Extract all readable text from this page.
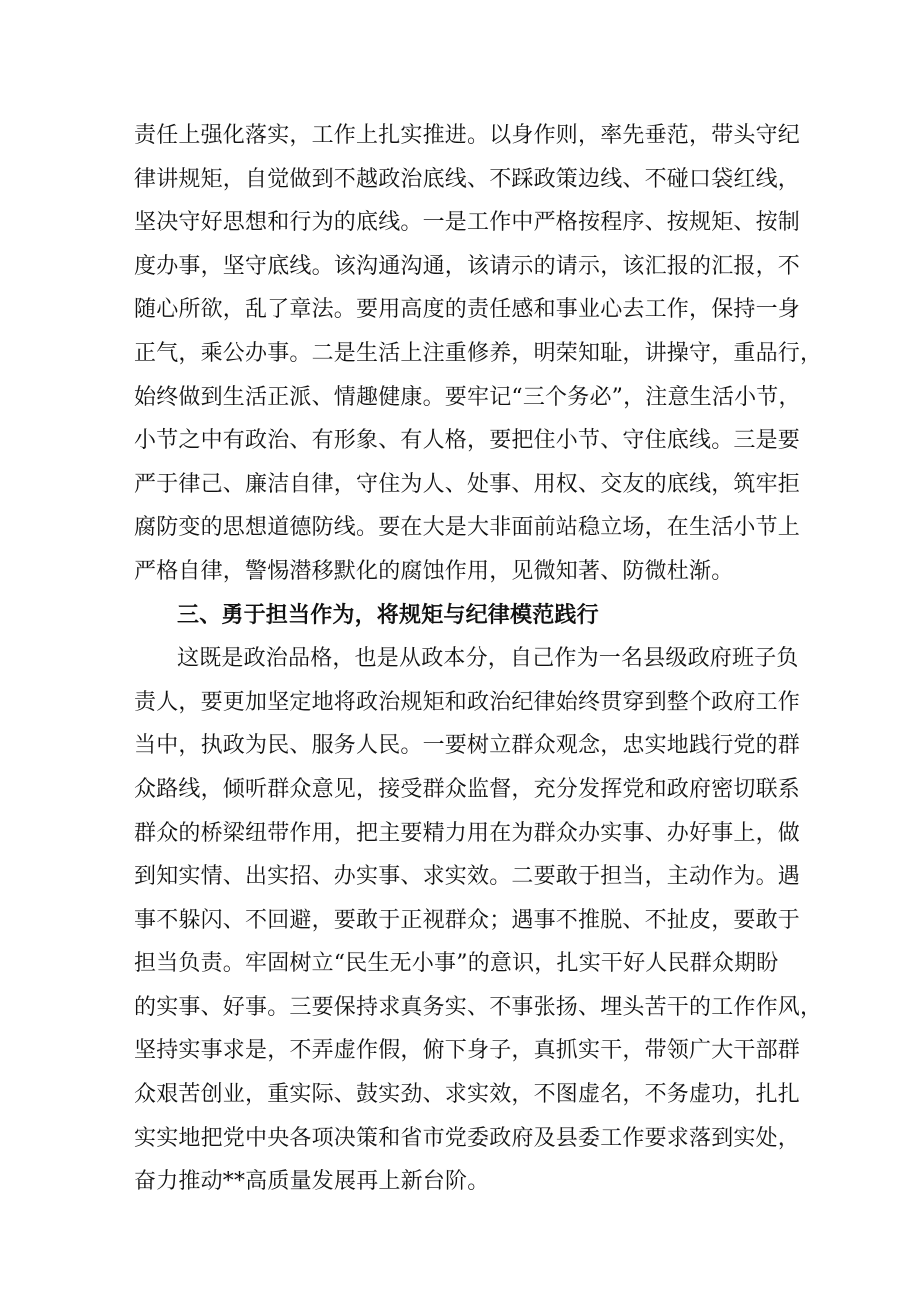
责任上强化落实，工作上扎实推进。以身作则，率先垂范，带头守纪
律讲规矩，自觉做到不越政治底线、不踩政策边线、不碰口袋红线，
坚决守好思想和行为的底线。一是工作中严格按程序、按规矩、按制
度办事，坚守底线。该沟通沟通，该请示的请示，该汇报的汇报，不
随心所欲，乱了章法。要用高度的责任感和事业心去工作，保持一身
正气，乘公办事。二是生活上注重修养，明荣知耻，讲操守，重品行，
始终做到生活正派、情趣健康。要牢记“三个务必”，注意生活小节，
小节之中有政治、有形象、有人格，要把住小节、守住底线。三是要
严于律己、廉洁自律，守住为人、处事、用权、交友的底线，筑牢拒
腐防变的思想道德防线。要在大是大非面前站稳立场，在生活小节上
严格自律，警惕潜移默化的腐蚀作用，见微知著、防微杜渐。
三、勇于担当作为，将规矩与纪律模范践行
这既是政治品格，也是从政本分，自己作为一名县级政府班子负
责人，要更加坚定地将政治规矩和政治纪律始终贯穿到整个政府工作
当中，执政为民、服务人民。一要树立群众观念，忠实地践行党的群
众路线，倾听群众意见，接受群众监督，充分发挥党和政府密切联系
群众的桥梁纽带作用，把主要精力用在为群众办实事、办好事上，做
到知实情、出实招、办实事、求实效。二要敢于担当，主动作为。遇
事不躲闪、不回避，要敢于正视群众；遇事不推脱、不扯皮，要敢于
担当负责。牢固树立“民生无小事”的意识，扎实干好人民群众期盼
的实事、好事。三要保持求真务实、不事张扬、埋头苦干的工作作风，
坚持实事求是，不弄虚作假，俯下身子，真抓实干，带领广大干部群
众艰苦创业，重实际、鼓实劲、求实效，不图虚名，不务虚功，扎扎
实实地把党中央各项决策和省市党委政府及县委工作要求落到实处，
奋力推动**高质量发展再上新台阶。
